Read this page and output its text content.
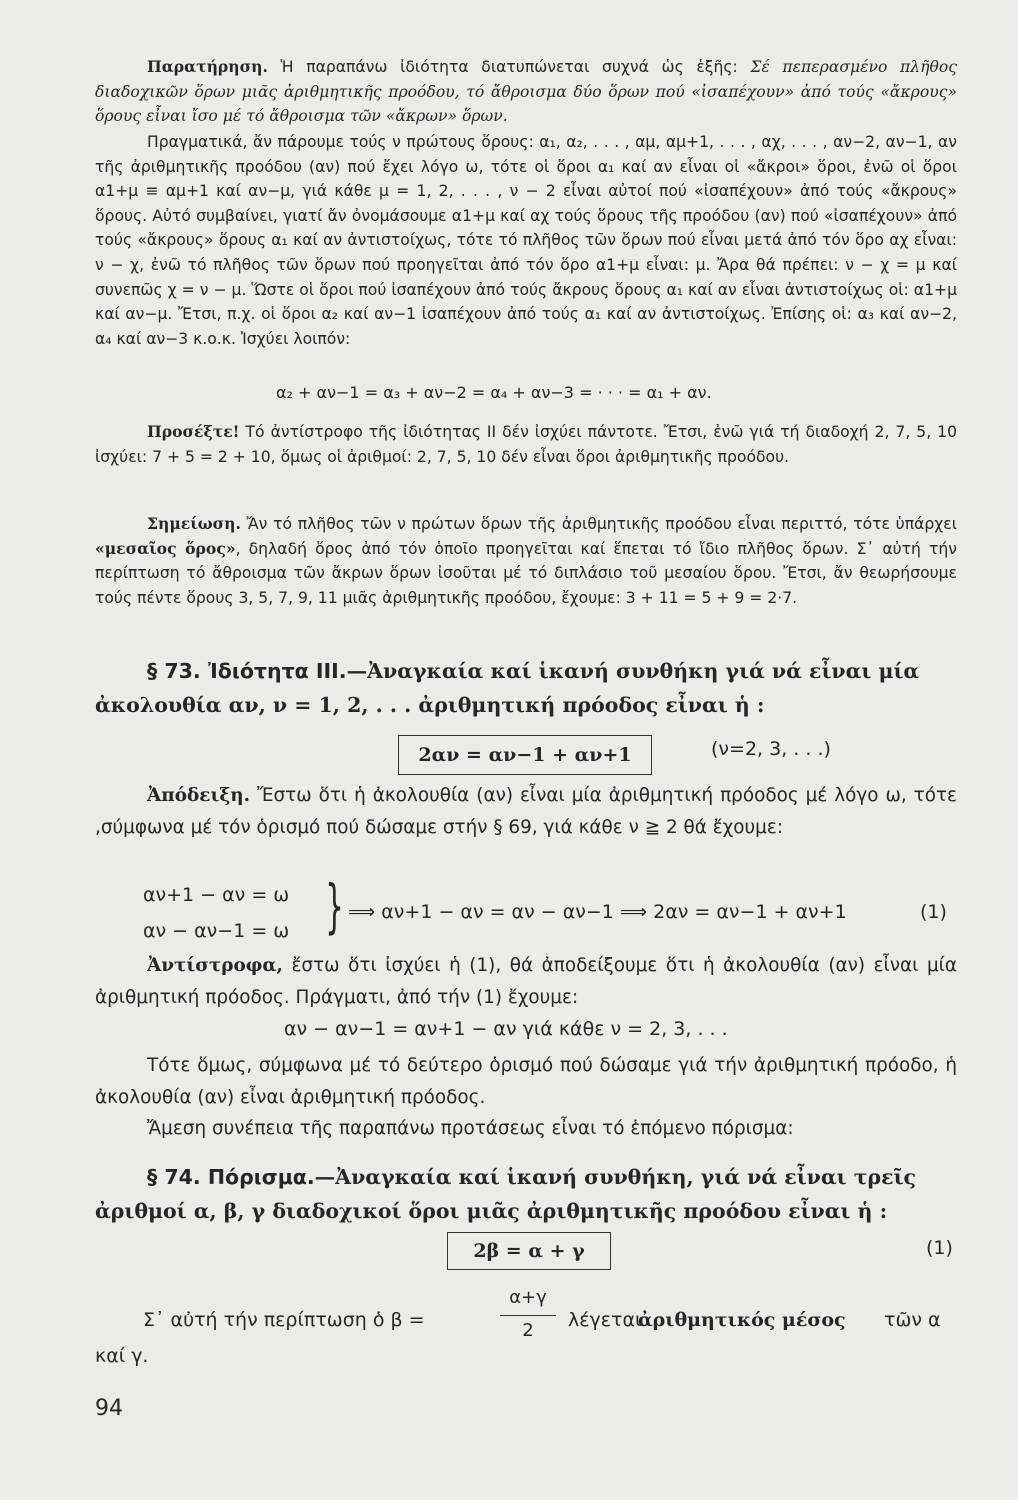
Παρατήρηση. Ἡ παραπάνω ἰδιότητα διατυπώνεται συχνά ὡς ἑξῆς: Σέ πεπερασμένο πλῆθος διαδοχικῶν ὅρων μιᾶς ἀριθμητικῆς προόδου, τό ἄθροισμα δύο ὅρων πού «ἰσαπέχουν» ἀπό τούς «ἄκρους» ὅρους εἶναι ἴσο μέ τό ἄθροισμα τῶν «ἄκρων» ὅρων.

Πραγματικά, ἄν πάρουμε τούς ν πρώτους ὅρους: α₁, α₂, . . . , αμ, αμ+1, . . . , αχ, . . . , αν−2, αν−1, αν τῆς ἀριθμητικῆς προόδου (αν) πού ἔχει λόγο ω, τότε οἱ ὅροι α₁ καί αν εἶναι οἱ «ἄκροι» ὅροι, ἐνῶ οἱ ὅροι α1+μ ≡ αμ+1 καί αν−μ, γιά κάθε μ = 1, 2, . . . , ν − 2 εἶναι αὐτοί πού «ἰσαπέχουν» ἀπό τούς «ἄκρους» ὅρους. Αὐτό συμβαίνει, γιατί ἄν ὀνομάσουμε α1+μ καί αχ τούς ὅρους τῆς προόδου (αν) πού «ἰσαπέχουν» ἀπό τούς «ἄκρους» ὅρους α₁ καί αν ἀντιστοίχως, τότε τό πλῆθος τῶν ὅρων πού εἶναι μετά ἀπό τόν ὅρο αχ εἶναι: ν − χ, ἐνῶ τό πλῆθος τῶν ὅρων πού προηγεῖται ἀπό τόν ὅρο α1+μ εἶναι: μ. Ἄρα θά πρέπει: ν − χ = μ καί συνεπῶς χ = ν − μ. Ὥστε οἱ ὅροι πού ἰσαπέχουν ἀπό τούς ἄκρους ὅρους α₁ καί αν εἶναι ἀντιστοίχως οἱ: α1+μ καί αν−μ. Ἔτσι, π.χ. οἱ ὅροι α₂ καί αν−1 ἰσαπέχουν ἀπό τούς α₁ καί αν ἀντιστοίχως. Ἐπίσης οἱ: α₃ καί αν−2, α₄ καί αν−3 κ.ο.κ. Ἰσχύει λοιπόν:

α₂ + αν−1 = α₃ + αν−2 = α₄ + αν−3 = · · · = α₁ + αν.

Προσέξτε! Τό ἀντίστροφο τῆς ἰδιότητας II δέν ἰσχύει πάντοτε. Ἔτσι, ἐνῶ γιά τή διαδοχή 2, 7, 5, 10 ἰσχύει: 7 + 5 = 2 + 10, ὅμως οἱ ἀριθμοί: 2, 7, 5, 10 δέν εἶναι ὅροι ἀριθμητικῆς προόδου.

Σημείωση. Ἄν τό πλῆθος τῶν ν πρώτων ὅρων τῆς ἀριθμητικῆς προόδου εἶναι περιττό, τότε ὑπάρχει «μεσαῖος ὅρος», δηλαδή ὅρος ἀπό τόν ὁποῖο προηγεῖται καί ἕπεται τό ἴδιο πλῆθος ὅρων. Σ᾽ αὐτή τήν περίπτωση τό ἄθροισμα τῶν ἄκρων ὅρων ἰσοῦται μέ τό διπλάσιο τοῦ μεσαίου ὅρου. Ἔτσι, ἄν θεωρήσουμε τούς πέντε ὅρους 3, 5, 7, 9, 11 μιᾶς ἀριθμητικῆς προόδου, ἔχουμε: 3 + 11 = 5 + 9 = 2·7.

§ 73. Ἰδιότητα III.—Ἀναγκαία καί ἱκανή συνθήκη γιά νά εἶναι μία ἀκολουθία αν, ν = 1, 2, . . . ἀριθμητική πρόοδος εἶναι ἡ :

2αν = αν−1 + αν+1	(ν=2, 3, . . .)

Ἀπόδειξη. Ἔστω ὅτι ἡ ἀκολουθία (αν) εἶναι μία ἀριθμητική πρόοδος μέ λόγο ω, τότε ,σύμφωνα μέ τόν ὁρισμό πού δώσαμε στήν § 69, γιά κάθε ν ≧ 2 θά ἔχουμε:

αν+1 − αν = ω
αν − αν−1 = ω } ⟹ αν+1 − αν = αν − αν−1 ⟹ 2αν = αν−1 + αν+1	(1)

Ἀντίστροφα, ἔστω ὅτι ἰσχύει ἡ (1), θά ἀποδείξουμε ὅτι ἡ ἀκολουθία (αν) εἶναι μία ἀριθμητική πρόοδος. Πράγματι, ἀπό τήν (1) ἔχουμε:

αν − αν−1 = αν+1 − αν γιά κάθε ν = 2, 3, . . .

Τότε ὅμως, σύμφωνα μέ τό δεύτερο ὁρισμό πού δώσαμε γιά τήν ἀριθμητική πρόοδο, ἡ ἀκολουθία (αν) εἶναι ἀριθμητική πρόοδος.

Ἄμεση συνέπεια τῆς παραπάνω προτάσεως εἶναι τό ἑπόμενο πόρισμα:

§ 74. Πόρισμα.—Ἀναγκαία καί ἱκανή συνθήκη, γιά νά εἶναι τρεῖς ἀριθμοί α, β, γ διαδοχικοί ὅροι μιᾶς ἀριθμητικῆς προόδου εἶναι ἡ :

2β = α + γ	(1)
Σ᾽ αὐτή τήν περίπτωση ὁ β =
α+γ
2	λέγεται
ἀριθμητικός μέσος τῶν α
καί γ.
94
